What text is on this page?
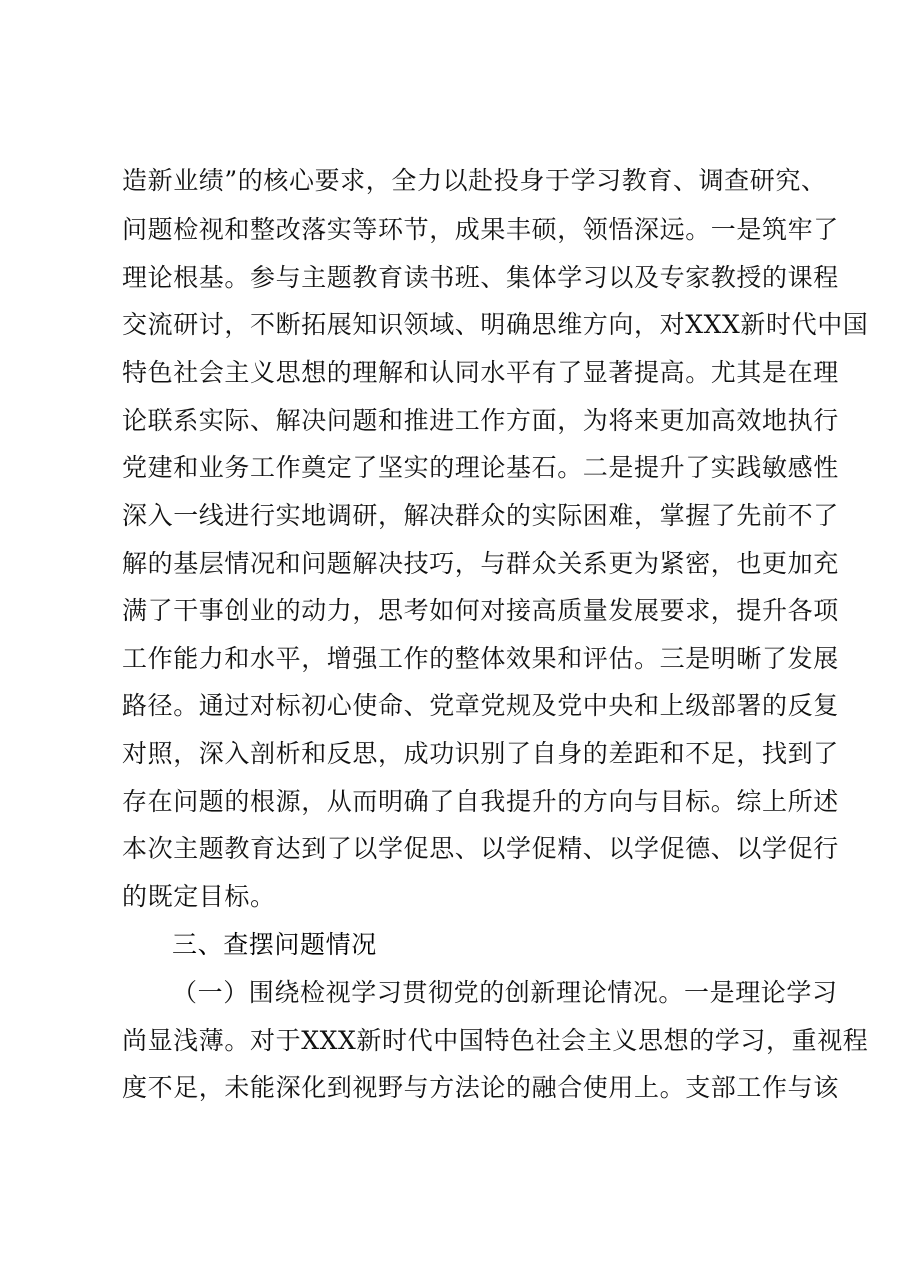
造新业绩”的核心要求，全力以赴投身于学习教育、调查研究、
问题检视和整改落实等环节，成果丰硕，领悟深远。一是筑牢了
理论根基。参与主题教育读书班、集体学习以及专家教授的课程
交流研讨，不断拓展知识领域、明确思维方向，对XXX新时代中国
特色社会主义思想的理解和认同水平有了显著提高。尤其是在理
论联系实际、解决问题和推进工作方面，为将来更加高效地执行
党建和业务工作奠定了坚实的理论基石。二是提升了实践敏感性
深入一线进行实地调研，解决群众的实际困难，掌握了先前不了
解的基层情况和问题解决技巧，与群众关系更为紧密，也更加充
满了干事创业的动力，思考如何对接高质量发展要求，提升各项
工作能力和水平，增强工作的整体效果和评估。三是明晰了发展
路径。通过对标初心使命、党章党规及党中央和上级部署的反复
对照，深入剖析和反思，成功识别了自身的差距和不足，找到了
存在问题的根源，从而明确了自我提升的方向与目标。综上所述
本次主题教育达到了以学促思、以学促精、以学促德、以学促行
的既定目标。
三、查摆问题情况
（一）围绕检视学习贯彻党的创新理论情况。一是理论学习
尚显浅薄。对于XXX新时代中国特色社会主义思想的学习，重视程
度不足，未能深化到视野与方法论的融合使用上。支部工作与该
